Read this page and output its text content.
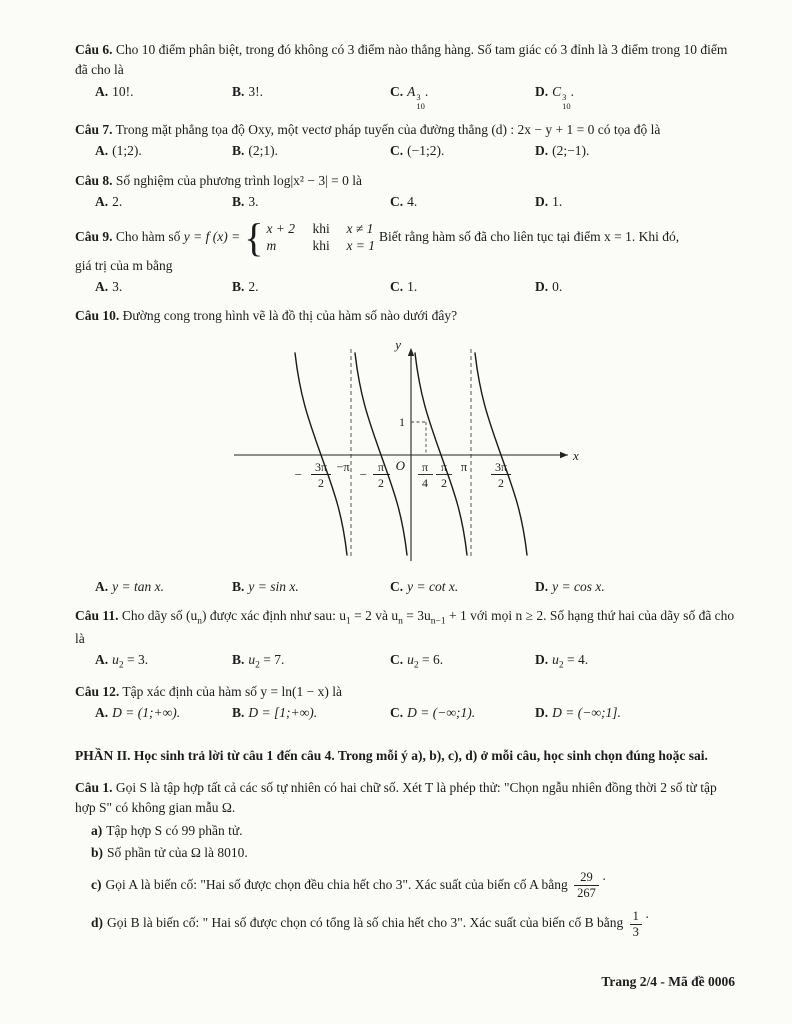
Câu 6. Cho 10 điểm phân biệt, trong đó không có 3 điểm nào thẳng hàng. Số tam giác có 3 đỉnh là 3 điểm trong 10 điểm đã cho là

A. 10!.	B. 3!.	C. A 3
10
.	D. C 3
10
.

Câu 7. Trong mặt phẳng tọa độ Oxy, một vectơ pháp tuyến của đường thẳng (d) : 2x − y + 1 = 0 có tọa độ là

A. (1;2).	B. (2;1).	C. (−1;2).	D. (2;−1).

Câu 8. Số nghiệm của phương trình log|x² − 3| = 0 là

A. 2.	B. 3.	C. 4.	D. 1.

Câu 9. Cho hàm số y = f (x) = { x + 2	khi	x ≠ 1
m	khi	x = 1
Biết rằng hàm số đã cho liên tục tại điểm x = 1. Khi đó,

giá trị của m bằng

A. 3.	B. 2.	C. 1.	D. 0.

Câu 10. Đường cong trong hình vẽ là đồ thị của hàm số nào dưới đây?

y
x
O
1
− 3π
2
−π − π
2
π
4
π
2
π 3π
2
A. y = tan x.	B. y = sin x.	C. y = cot x.	D. y = cos x.

Câu 11. Cho dãy số $(u_n)$ được xác định như sau: $u_1 = 2$ và $u_n = 3u_{n-1} + 1$ với mọi n ≥ 2. Số hạng thứ hai của dãy số đã cho là

A. $u_2 = 3$.	B. $u_2 = 7$.	C. $u_2 = 6$.	D. $u_2 = 4$.

Câu 12. Tập xác định của hàm số y = ln(1 − x) là

A. D = (1;+∞).	B. D = [1;+∞).	C. D = (−∞;1).	D. D = (−∞;1].

PHẦN II. Học sinh trả lời từ câu 1 đến câu 4. Trong mỗi ý a), b), c), d) ở mỗi câu, học sinh chọn đúng hoặc sai.

Câu 1. Gọi S là tập hợp tất cả các số tự nhiên có hai chữ số. Xét T là phép thử: "Chọn ngẫu nhiên đồng thời 2 số từ tập hợp S" có không gian mẫu Ω.

a) Tập hợp S có 99 phần tử.

b) Số phần tử của Ω là 8010.

c) Gọi A là biến cố: "Hai số được chọn đều chia hết cho 3". Xác suất của biến cố A bằng $\frac{29}{267}$ ·

d) Gọi B là biến cố: " Hai số được chọn có tổng là số chia hết cho 3". Xác suất của biến cố B bằng $\frac{1}{3}$ ·

Trang 2/4 - Mã đề 0006
